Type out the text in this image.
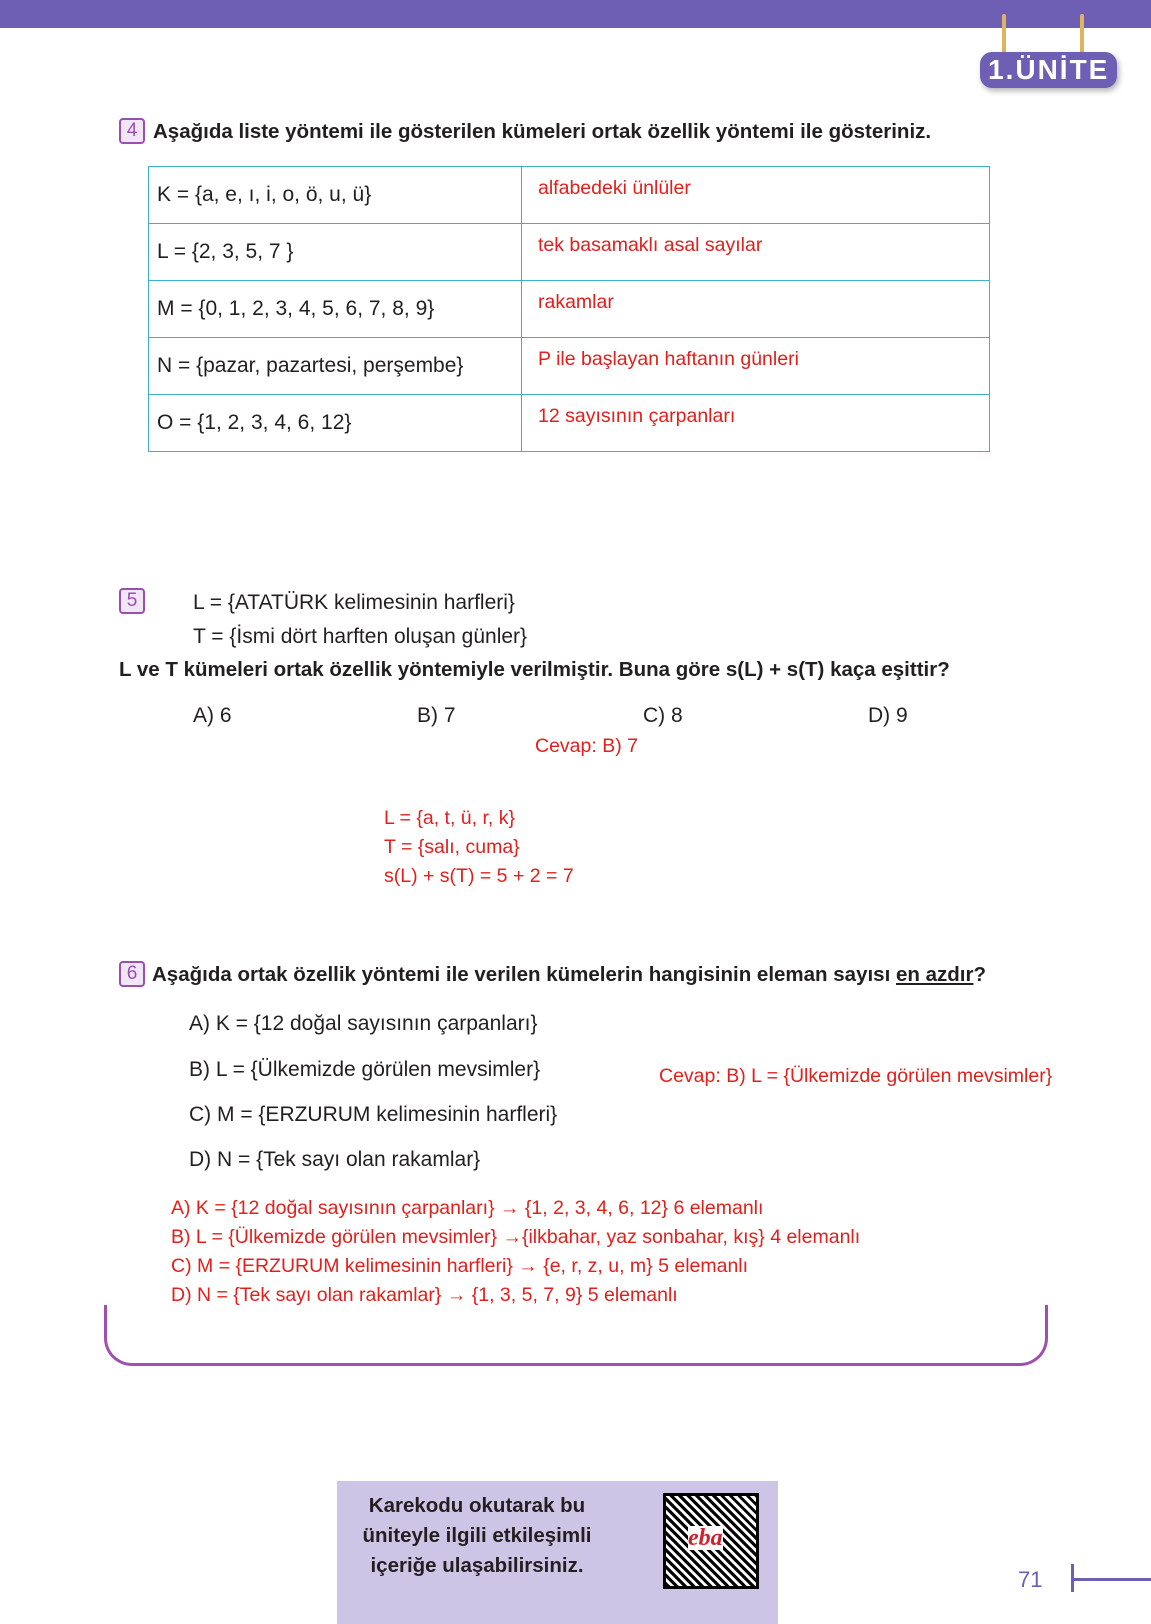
1.ÜNİTE
4 Aşağıda liste yöntemi ile gösterilen kümeleri ortak özellik yöntemi ile gösteriniz.
K = {a, e, ı, i, o, ö, u, ü}	alfabedeki ünlüler
L = {2, 3, 5, 7 }	tek basamaklı asal sayılar
M = {0, 1, 2, 3, 4, 5, 6, 7, 8, 9}	rakamlar
N = {pazar, pazartesi, perşembe}	P ile başlayan haftanın günleri
O = {1, 2, 3, 4, 6, 12}	12 sayısının çarpanları
5	L = {ATATÜRK kelimesinin harfleri}
T = {İsmi dört harften oluşan günler}
L ve T kümeleri ortak özellik yöntemiyle verilmiştir. Buna göre s(L) + s(T) kaça eşittir?
A) 6	B) 7	C) 8	D) 9
Cevap: B) 7
L = {a, t, ü, r, k}
T = {salı, cuma}
s(L) + s(T) = 5 + 2 = 7
6 Aşağıda ortak özellik yöntemi ile verilen kümelerin hangisinin eleman sayısı en azdır?
A) K = {12 doğal sayısının çarpanları}
B) L = {Ülkemizde görülen mevsimler}
C) M = {ERZURUM kelimesinin harfleri}
D) N = {Tek sayı olan rakamlar}
Cevap: B) L = {Ülkemizde görülen mevsimler}
A) K = {12 doğal sayısının çarpanları} → {1, 2, 3, 4, 6, 12} 6 elemanlı
B) L = {Ülkemizde görülen mevsimler} →{ilkbahar, yaz sonbahar, kış} 4 elemanlı
C) M = {ERZURUM kelimesinin harfleri} → {e, r, z, u, m} 5 elemanlı
D) N = {Tek sayı olan rakamlar} → {1, 3, 5, 7, 9} 5 elemanlı
Karekodu okutarak bu üniteyle ilgili etkileşimli içeriğe ulaşabilirsiniz.
eba
71
